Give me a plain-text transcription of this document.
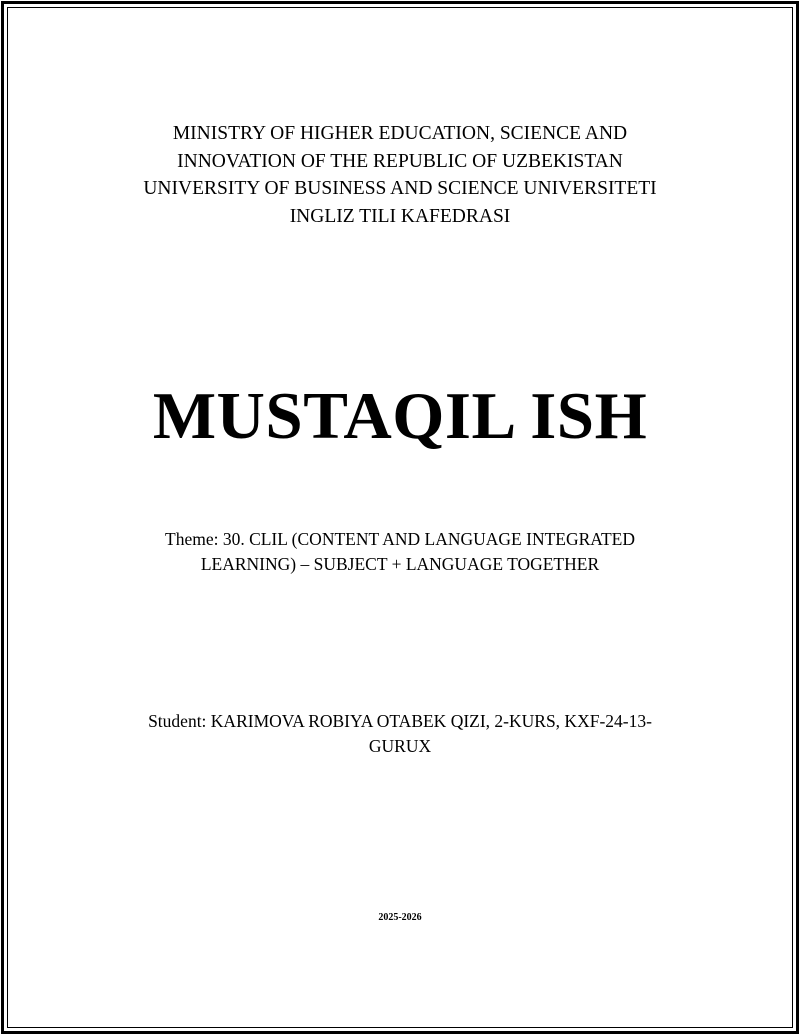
MINISTRY OF HIGHER EDUCATION, SCIENCE AND
INNOVATION OF THE REPUBLIC OF UZBEKISTAN
UNIVERSITY OF BUSINESS AND SCIENCE UNIVERSITETI
INGLIZ TILI KAFEDRASI
MUSTAQIL ISH
Theme: 30. CLIL (CONTENT AND LANGUAGE INTEGRATED
LEARNING) – SUBJECT + LANGUAGE TOGETHER
Student: KARIMOVA ROBIYA OTABEK QIZI, 2-KURS, KXF-24-13-
GURUX
2025-2026
